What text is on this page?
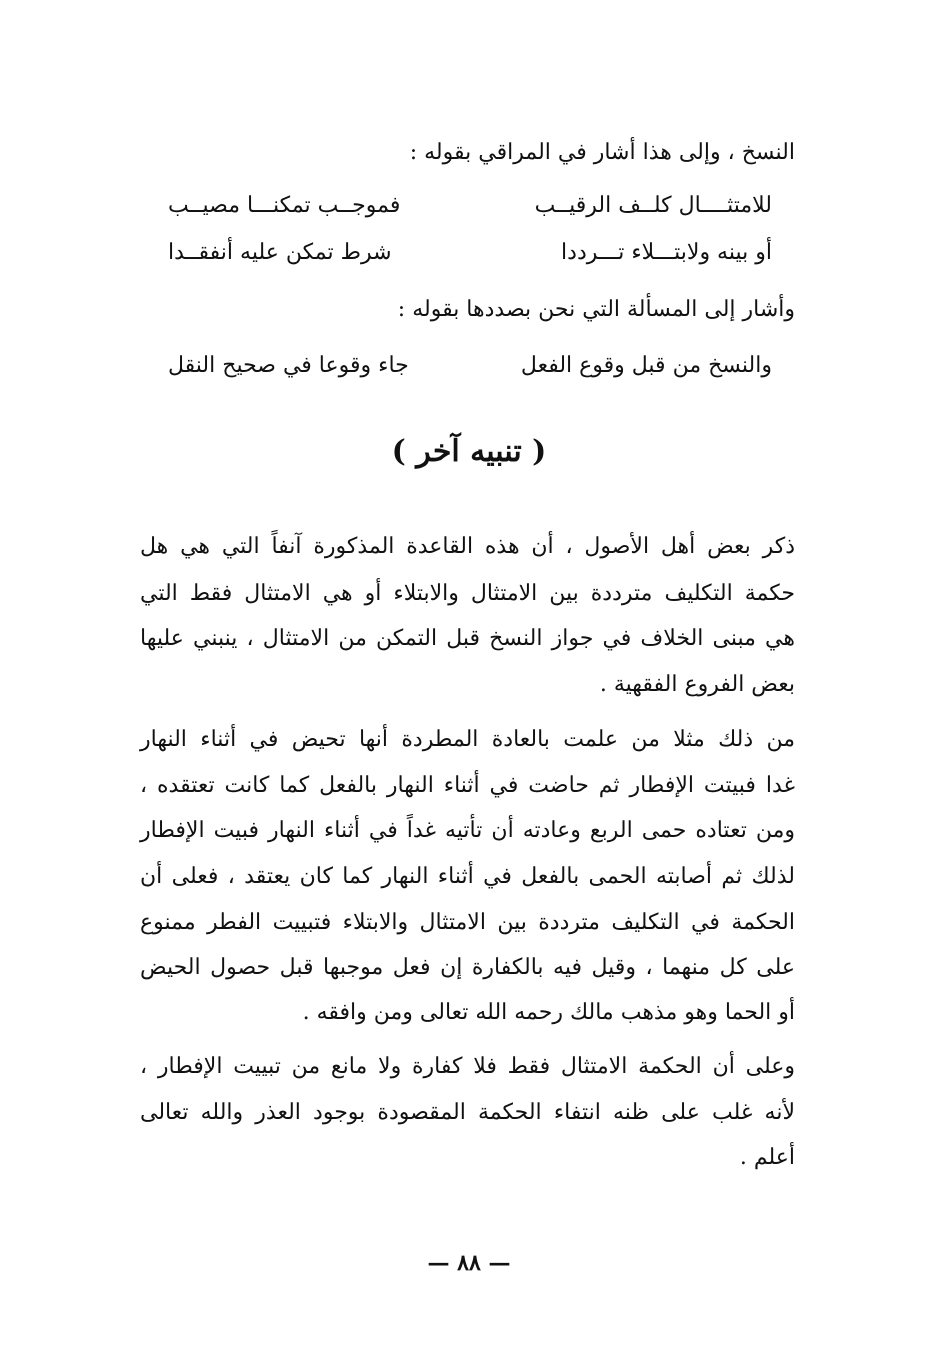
النسخ ، وإلى هذا أشار في المراقي بقوله :
للامتثــــال كلــف الرقيــب
فموجــب تمكنـــا مصيــب
أو بينه ولابتـــلاء تـــرددا
شرط تمكن عليه أنفقــدا
وأشار إلى المسألة التي نحن بصددها بقوله :
والنسخ من قبل وقوع الفعل
جاء وقوعا في صحيح النقل
( تنبيه آخر )
ذكر بعض أهل الأصول ، أن هذه القاعدة المذكورة آنفاً التي هي هل
حكمة التكليف مترددة بين الامتثال والابتلاء أو هي الامتثال فقط التي
هي مبنى الخلاف في جواز النسخ قبل التمكن من الامتثال ، ينبني عليها
بعض الفروع الفقهية .
من ذلك مثلا من علمت بالعادة المطردة أنها تحيض في أثناء النهار
غدا فبيتت الإفطار ثم حاضت في أثناء النهار بالفعل كما كانت تعتقده ،
ومن تعتاده حمى الربع وعادته أن تأتيه غداً في أثناء النهار فبيت الإفطار
لذلك ثم أصابته الحمى بالفعل في أثناء النهار كما كان يعتقد ، فعلى أن
الحكمة في التكليف مترددة بين الامتثال والابتلاء فتبييت الفطر ممنوع
على كل منهما ، وقيل فيه بالكفارة إن فعل موجبها قبل حصول الحيض
أو الحما وهو مذهب مالك رحمه الله تعالى ومن وافقه .
وعلى أن الحكمة الامتثال فقط فلا كفارة ولا مانع من تبييت الإفطار ،
لأنه غلب على ظنه انتفاء الحكمة المقصودة بوجود العذر والله تعالى
أعلم .
— ٨٨ —
